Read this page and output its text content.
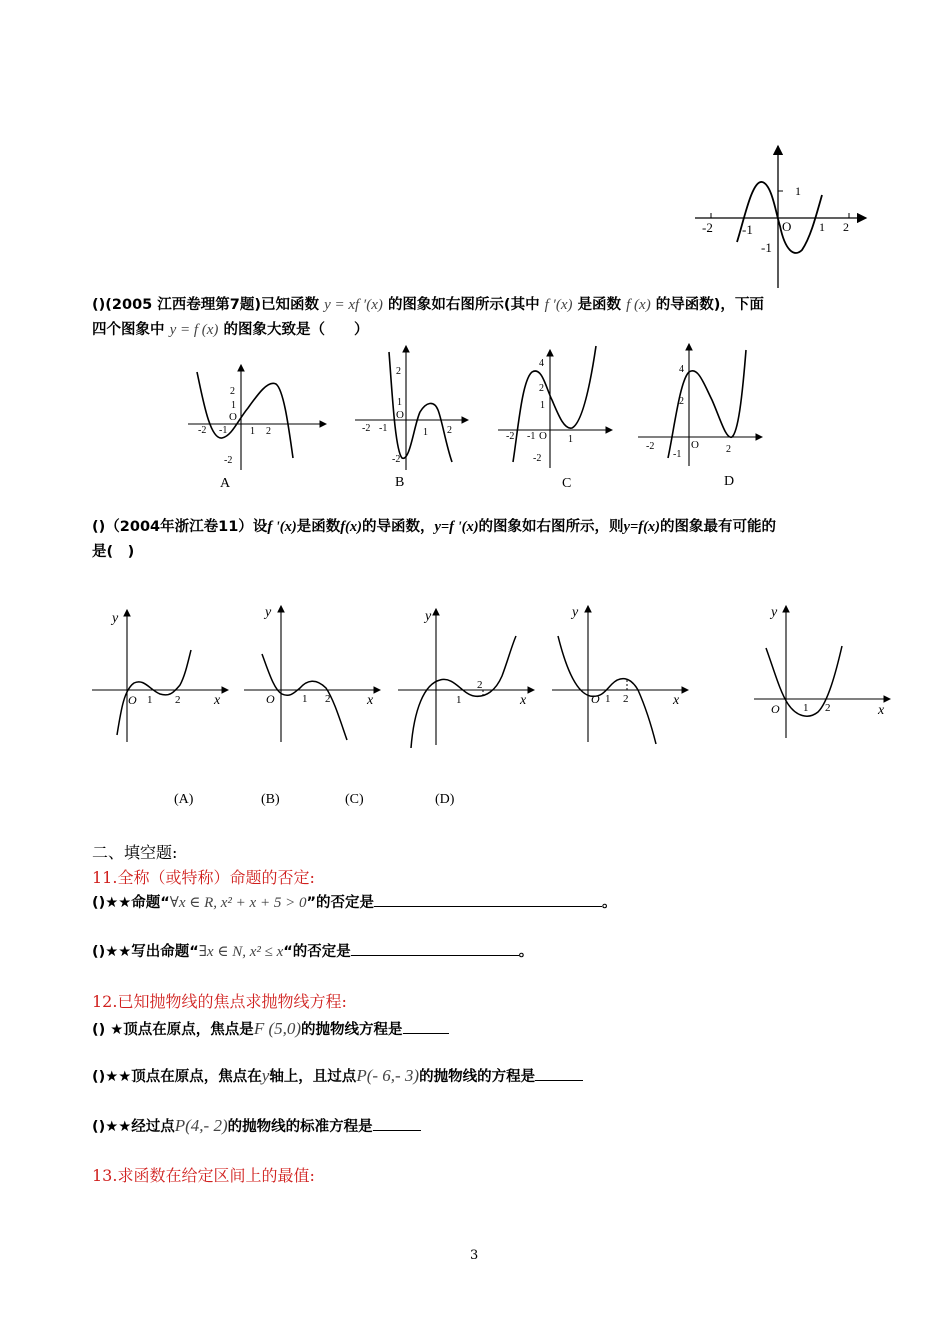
-2 -1	1 2
1
-1
O
()(2005 江西卷理第7题)已知函数 y = xf ′(x) 的图象如右图所示(其中 f ′(x) 是函数 f (x) 的导函数)，下面
四个图象中 y = f (x) 的图象大致是（　　）
-2 -1 1 2
2
1
-2
O
-2 -1	1 2
2
1
-2
O
-2 -1	1
4
2
1
-2
O
-2
-1	2
4
2
O
A	B	C	D
()（2004年浙江卷11）设f '(x)是函数f(x)的导函数，y=f '(x)的图象如右图所示，则y=f(x)的图象最有可能的
是(　)
y
x
O 1 2
y
x
O 1 2
y
x
1
2
y
x
O 1 2
y
x
O 1 2
(A)	(B)	(C)	(D)
二、填空题:
11.全称（或特称）命题的否定:
()★★命题“∀x ∈ R, x² + x + 5 > 0”的否定是	。
()★★写出命题“∃x ∈ N, x² ≤ x“的否定是	。
12.已知抛物线的焦点求抛物线方程:
() ★顶点在原点，焦点是F (5,0)的抛物线方程是
()★★顶点在原点，焦点在y轴上，且过点P(- 6,- 3)的抛物线的方程是
()★★经过点P(4,- 2)的抛物线的标准方程是
13.求函数在给定区间上的最值:
3
